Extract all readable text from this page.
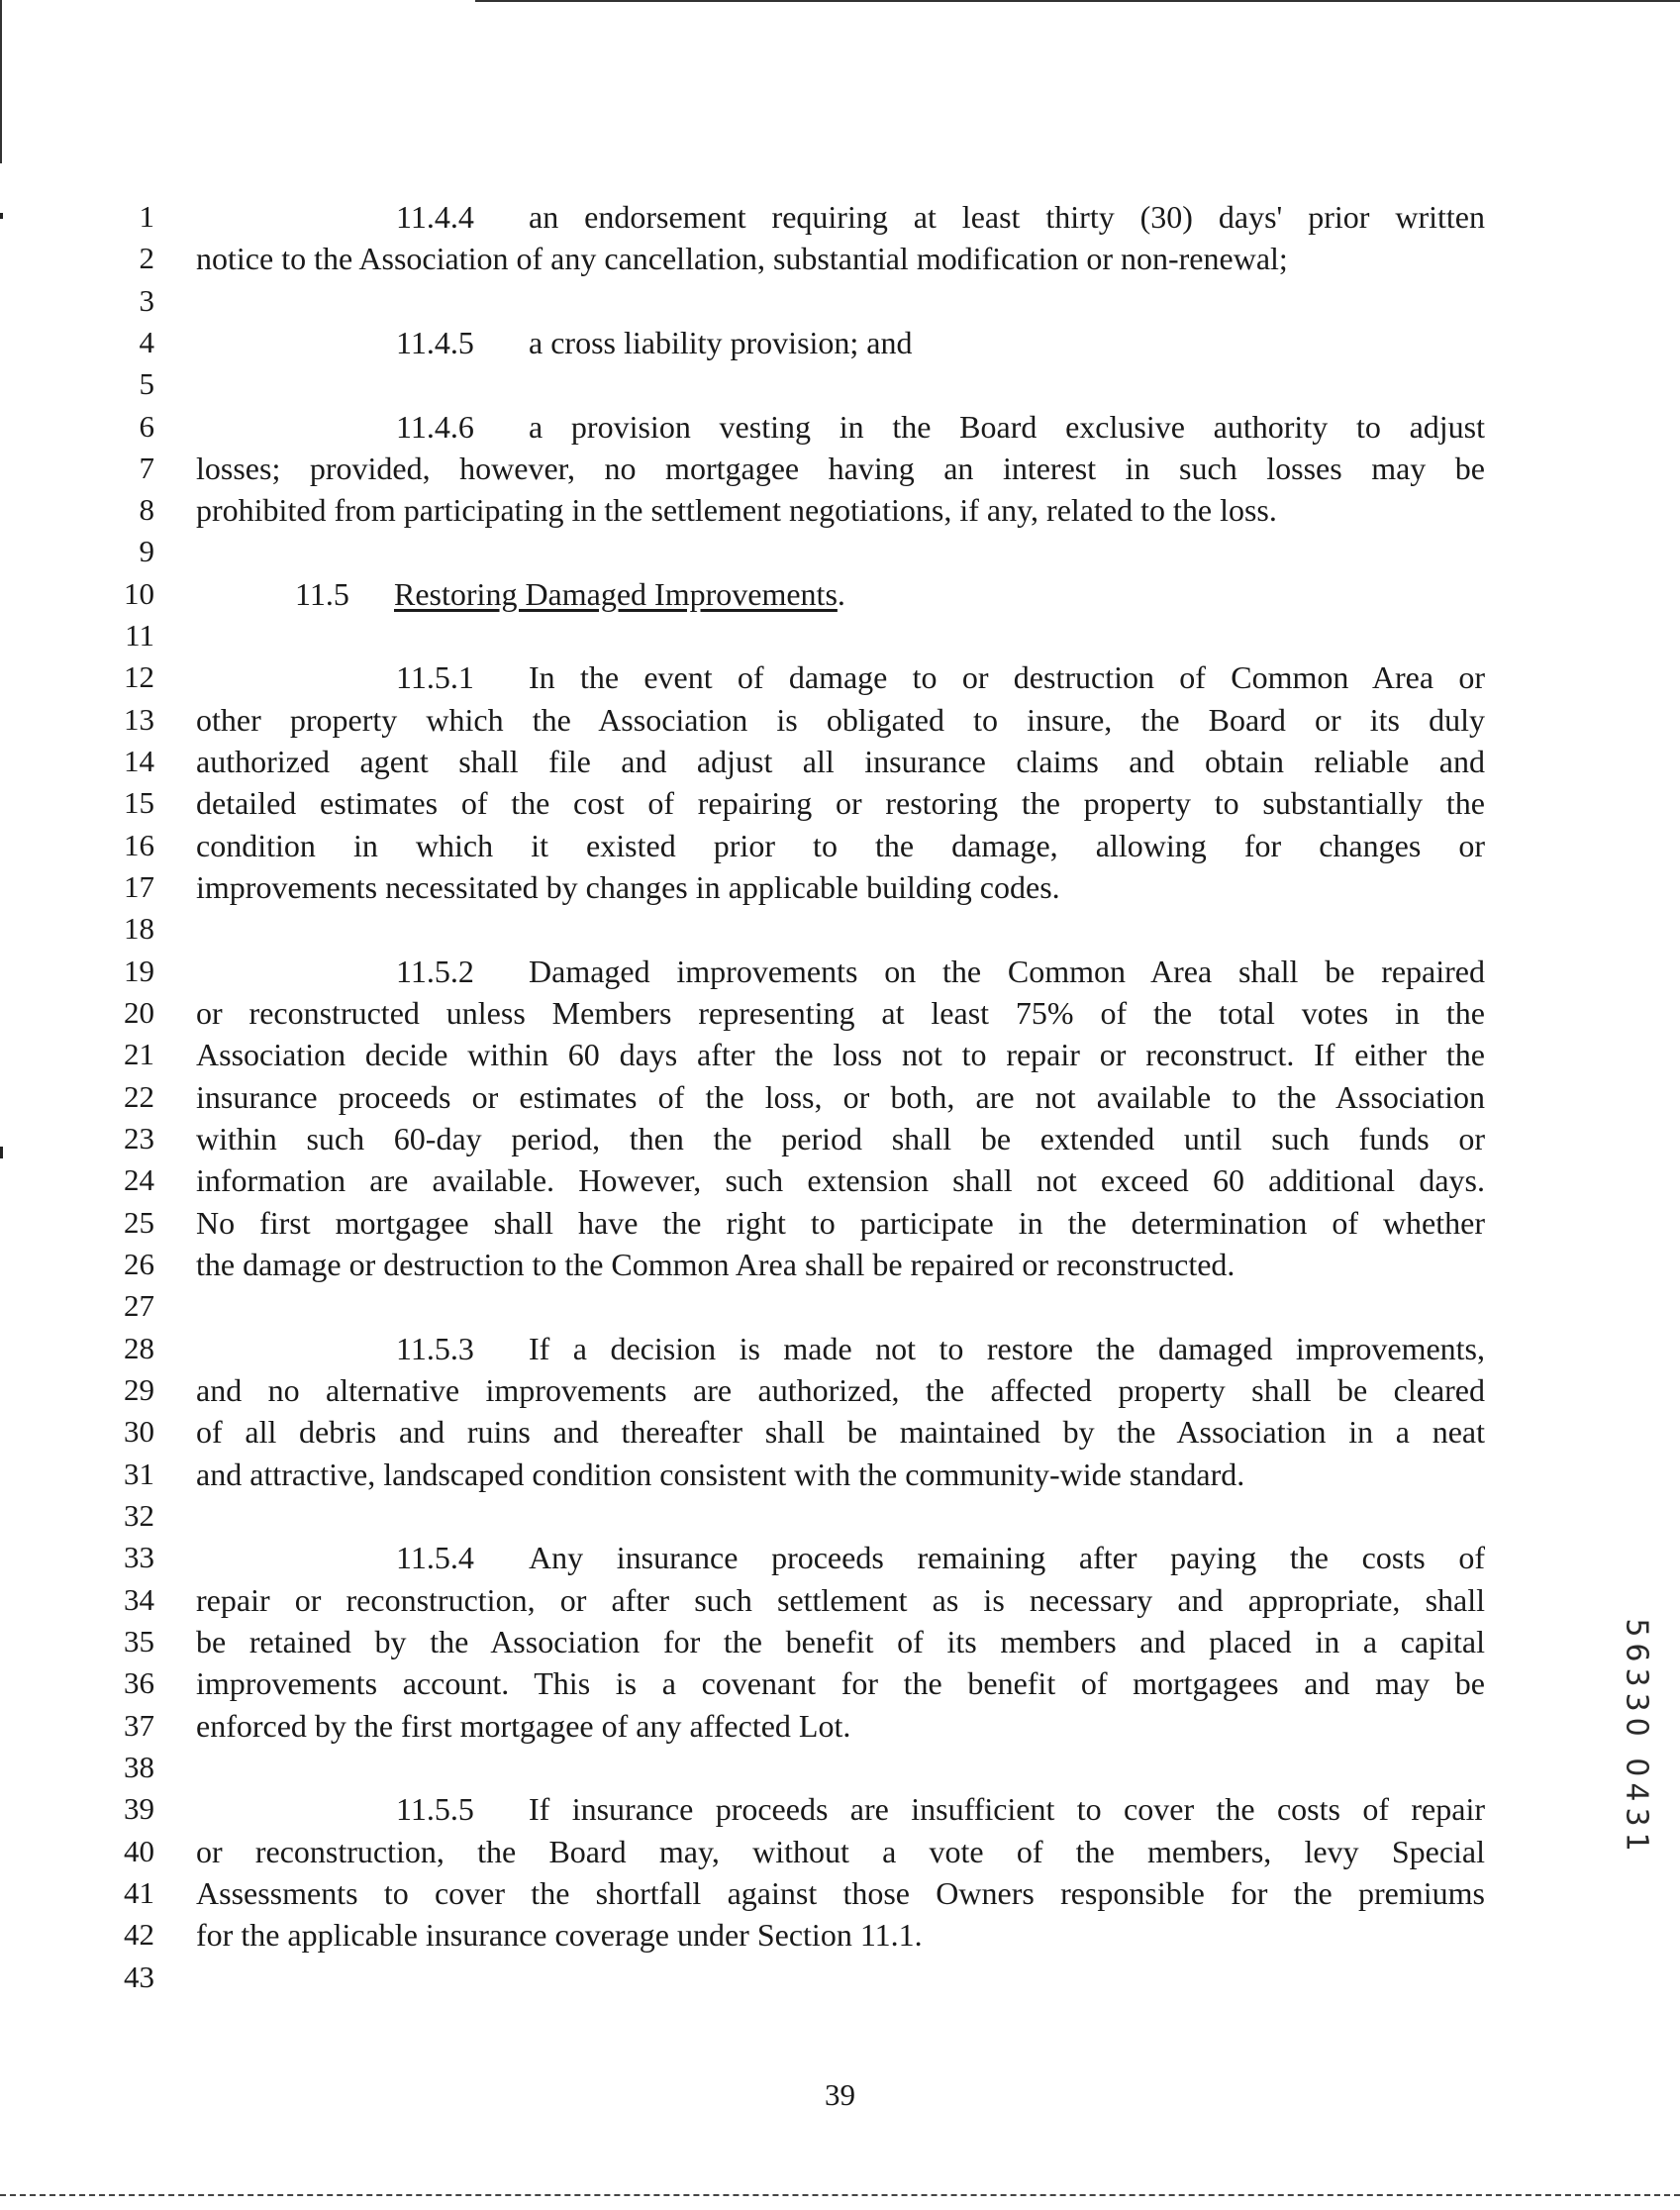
1
2
3
4
5
6
7
8
9
10
11
12
13
14
15
16
17
18
19
20
21
22
23
24
25
26
27
28
29
30
31
32
33
34
35
36
37
38
39
40
41
42
43
11.4.4 an endorsement requiring at least thirty (30) days' prior written
notice to the Association of any cancellation, substantial modification or non-renewal;
11.4.5 a cross liability provision; and
11.4.6 a provision vesting in the Board exclusive authority to adjust
losses; provided, however, no mortgagee having an interest in such losses may be
prohibited from participating in the settlement negotiations, if any, related to the loss.
11.5 Restoring Damaged Improvements.
11.5.1 In the event of damage to or destruction of Common Area or
other property which the Association is obligated to insure, the Board or its duly
authorized agent shall file and adjust all insurance claims and obtain reliable and
detailed estimates of the cost of repairing or restoring the property to substantially the
condition in which it existed prior to the damage, allowing for changes or
improvements necessitated by changes in applicable building codes.
11.5.2 Damaged improvements on the Common Area shall be repaired
or reconstructed unless Members representing at least 75% of the total votes in the
Association decide within 60 days after the loss not to repair or reconstruct. If either the
insurance proceeds or estimates of the loss, or both, are not available to the Association
within such 60-day period, then the period shall be extended until such funds or
information are available. However, such extension shall not exceed 60 additional days.
No first mortgagee shall have the right to participate in the determination of whether
the damage or destruction to the Common Area shall be repaired or reconstructed.
11.5.3 If a decision is made not to restore the damaged improvements,
and no alternative improvements are authorized, the affected property shall be cleared
of all debris and ruins and thereafter shall be maintained by the Association in a neat
and attractive, landscaped condition consistent with the community-wide standard.
11.5.4 Any insurance proceeds remaining after paying the costs of
repair or reconstruction, or after such settlement as is necessary and appropriate, shall
be retained by the Association for the benefit of its members and placed in a capital
improvements account. This is a covenant for the benefit of mortgagees and may be
enforced by the first mortgagee of any affected Lot.
11.5.5 If insurance proceeds are insufficient to cover the costs of repair
or reconstruction, the Board may, without a vote of the members, levy Special
Assessments to cover the shortfall against those Owners responsible for the premiums
for the applicable insurance coverage under Section 11.1.
56330 0431
39
